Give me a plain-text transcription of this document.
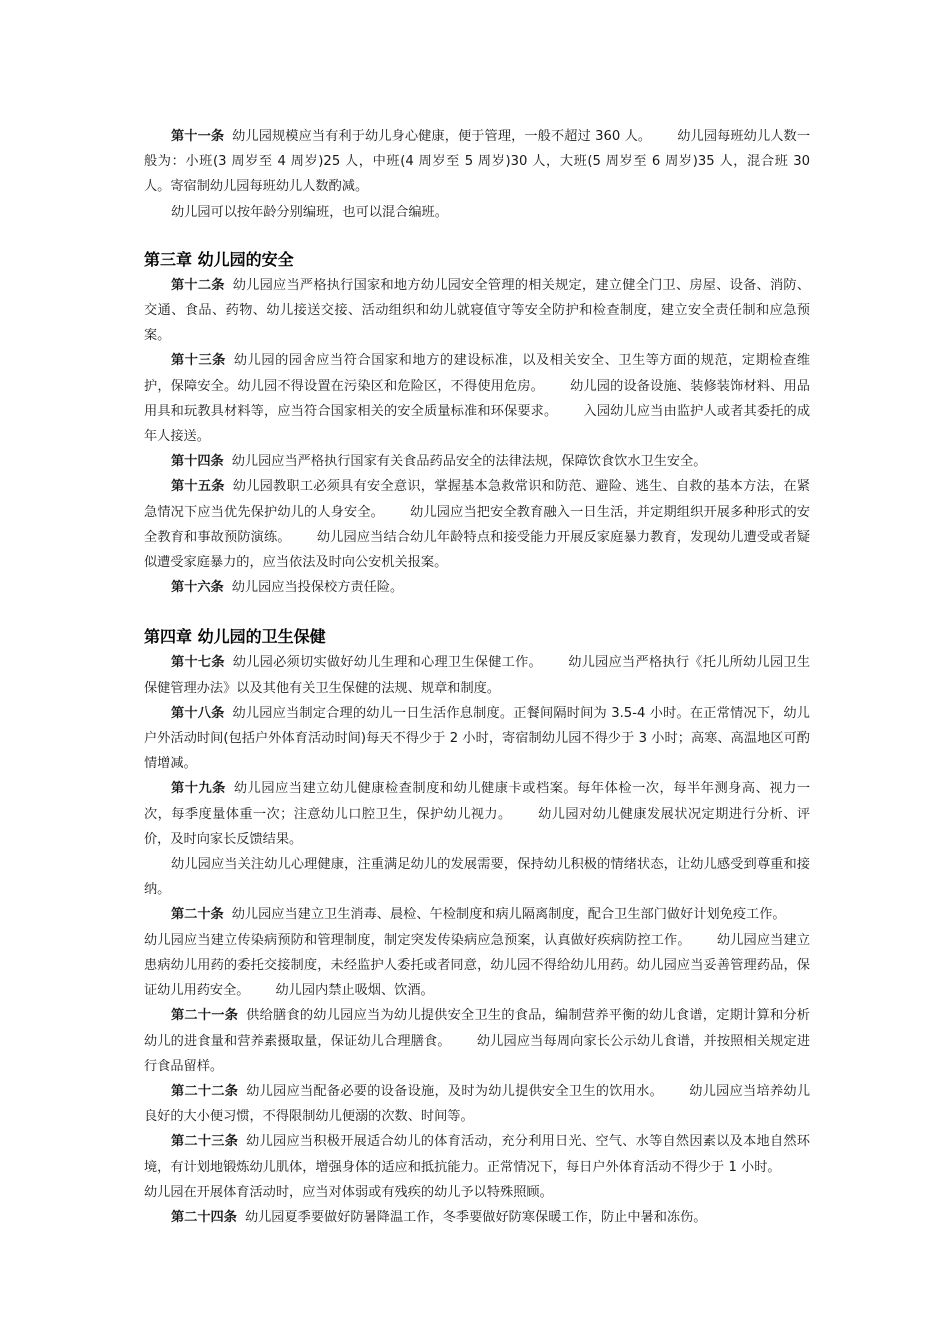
第十一条 幼儿园规模应当有利于幼儿身心健康，便于管理，一般不超过 360 人。 幼儿园每班幼儿人数一般为：小班(3 周岁至 4 周岁)25 人，中班(4 周岁至 5 周岁)30 人，大班(5 周岁至 6 周岁)35 人，混合班 30 人。寄宿制幼儿园每班幼儿人数酌减。

幼儿园可以按年龄分别编班，也可以混合编班。

第三章 幼儿园的安全

第十二条 幼儿园应当严格执行国家和地方幼儿园安全管理的相关规定，建立健全门卫、房屋、设备、消防、交通、食品、药物、幼儿接送交接、活动组织和幼儿就寝值守等安全防护和检查制度，建立安全责任制和应急预案。

第十三条 幼儿园的园舍应当符合国家和地方的建设标准，以及相关安全、卫生等方面的规范，定期检查维护，保障安全。幼儿园不得设置在污染区和危险区，不得使用危房。 幼儿园的设备设施、装修装饰材料、用品用具和玩教具材料等，应当符合国家相关的安全质量标准和环保要求。 入园幼儿应当由监护人或者其委托的成年人接送。

第十四条 幼儿园应当严格执行国家有关食品药品安全的法律法规，保障饮食饮水卫生安全。

第十五条 幼儿园教职工必须具有安全意识，掌握基本急救常识和防范、避险、逃生、自救的基本方法，在紧急情况下应当优先保护幼儿的人身安全。 幼儿园应当把安全教育融入一日生活，并定期组织开展多种形式的安全教育和事故预防演练。 幼儿园应当结合幼儿年龄特点和接受能力开展反家庭暴力教育，发现幼儿遭受或者疑似遭受家庭暴力的，应当依法及时向公安机关报案。

第十六条 幼儿园应当投保校方责任险。

第四章 幼儿园的卫生保健

第十七条 幼儿园必须切实做好幼儿生理和心理卫生保健工作。 幼儿园应当严格执行《托儿所幼儿园卫生保健管理办法》以及其他有关卫生保健的法规、规章和制度。

第十八条 幼儿园应当制定合理的幼儿一日生活作息制度。正餐间隔时间为 3.5-4 小时。在正常情况下，幼儿户外活动时间(包括户外体育活动时间)每天不得少于 2 小时，寄宿制幼儿园不得少于 3 小时；高寒、高温地区可酌情增减。

第十九条 幼儿园应当建立幼儿健康检查制度和幼儿健康卡或档案。每年体检一次，每半年测身高、视力一次，每季度量体重一次；注意幼儿口腔卫生，保护幼儿视力。 幼儿园对幼儿健康发展状况定期进行分析、评价，及时向家长反馈结果。

幼儿园应当关注幼儿心理健康，注重满足幼儿的发展需要，保持幼儿积极的情绪状态，让幼儿感受到尊重和接纳。

第二十条 幼儿园应当建立卫生消毒、晨检、午检制度和病儿隔离制度，配合卫生部门做好计划免疫工作。

幼儿园应当建立传染病预防和管理制度，制定突发传染病应急预案，认真做好疾病防控工作。 幼儿园应当建立患病幼儿用药的委托交接制度，未经监护人委托或者同意，幼儿园不得给幼儿用药。幼儿园应当妥善管理药品，保证幼儿用药安全。 幼儿园内禁止吸烟、饮酒。

第二十一条 供给膳食的幼儿园应当为幼儿提供安全卫生的食品，编制营养平衡的幼儿食谱，定期计算和分析幼儿的进食量和营养素摄取量，保证幼儿合理膳食。 幼儿园应当每周向家长公示幼儿食谱，并按照相关规定进行食品留样。

第二十二条 幼儿园应当配备必要的设备设施，及时为幼儿提供安全卫生的饮用水。 幼儿园应当培养幼儿良好的大小便习惯，不得限制幼儿便溺的次数、时间等。

第二十三条 幼儿园应当积极开展适合幼儿的体育活动，充分利用日光、空气、水等自然因素以及本地自然环境，有计划地锻炼幼儿肌体，增强身体的适应和抵抗能力。正常情况下，每日户外体育活动不得少于 1 小时。

幼儿园在开展体育活动时，应当对体弱或有残疾的幼儿予以特殊照顾。

第二十四条 幼儿园夏季要做好防暑降温工作，冬季要做好防寒保暖工作，防止中暑和冻伤。
